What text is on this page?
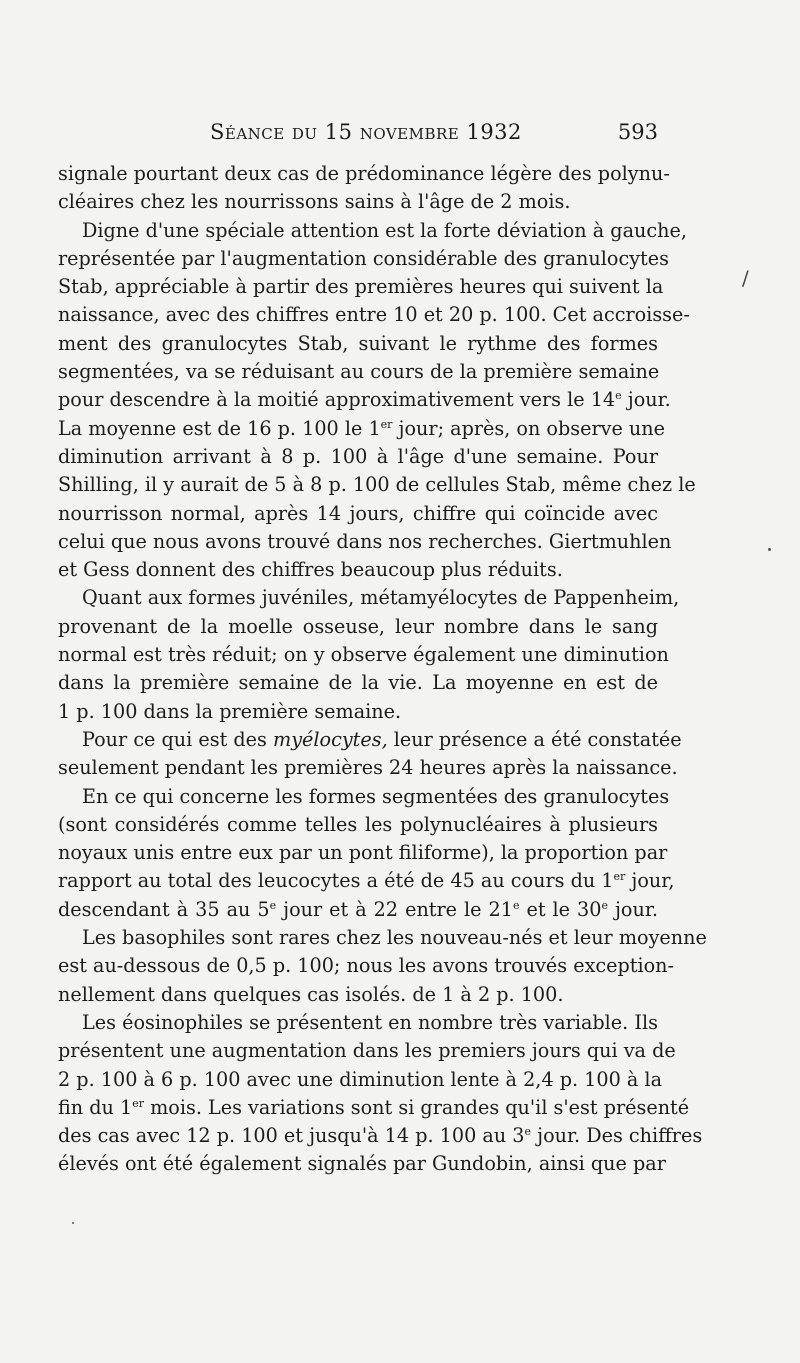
Séance du 15 novembre 1932	593
/
signale pourtant deux cas de prédominance légère des polynu-
cléaires chez les nourrissons sains à l'âge de 2 mois.
Digne d'une spéciale attention est la forte déviation à gauche,
représentée par l'augmentation considérable des granulocytes
Stab, appréciable à partir des premières heures qui suivent la
naissance, avec des chiffres entre 10 et 20 p. 100. Cet accroisse-
ment des granulocytes Stab, suivant le rythme des formes
segmentées, va se réduisant au cours de la première semaine
pour descendre à la moitié approximativement vers le 14e jour.
La moyenne est de 16 p. 100 le 1er jour; après, on observe une
diminution arrivant à 8 p. 100 à l'âge d'une semaine. Pour
Shilling, il y aurait de 5 à 8 p. 100 de cellules Stab, même chez le
nourrisson normal, après 14 jours, chiffre qui coïncide avec
celui que nous avons trouvé dans nos recherches. Giertmuhlen
et Gess donnent des chiffres beaucoup plus réduits.
Quant aux formes juvéniles, métamyélocytes de Pappenheim,
provenant de la moelle osseuse, leur nombre dans le sang
normal est très réduit; on y observe également une diminution
dans la première semaine de la vie. La moyenne en est de
1 p. 100 dans la première semaine.
Pour ce qui est des myélocytes, leur présence a été constatée
seulement pendant les premières 24 heures après la naissance.
En ce qui concerne les formes segmentées des granulocytes
(sont considérés comme telles les polynucléaires à plusieurs
noyaux unis entre eux par un pont filiforme), la proportion par
rapport au total des leucocytes a été de 45 au cours du 1er jour,
descendant à 35 au 5e jour et à 22 entre le 21e et le 30e jour.
Les basophiles sont rares chez les nouveau-nés et leur moyenne
est au-dessous de 0,5 p. 100; nous les avons trouvés exception-
nellement dans quelques cas isolés. de 1 à 2 p. 100.
Les éosinophiles se présentent en nombre très variable. Ils
présentent une augmentation dans les premiers jours qui va de
2 p. 100 à 6 p. 100 avec une diminution lente à 2,4 p. 100 à la
fin du 1er mois. Les variations sont si grandes qu'il s'est présenté
des cas avec 12 p. 100 et jusqu'à 14 p. 100 au 3e jour. Des chiffres
élevés ont été également signalés par Gundobin, ainsi que par
